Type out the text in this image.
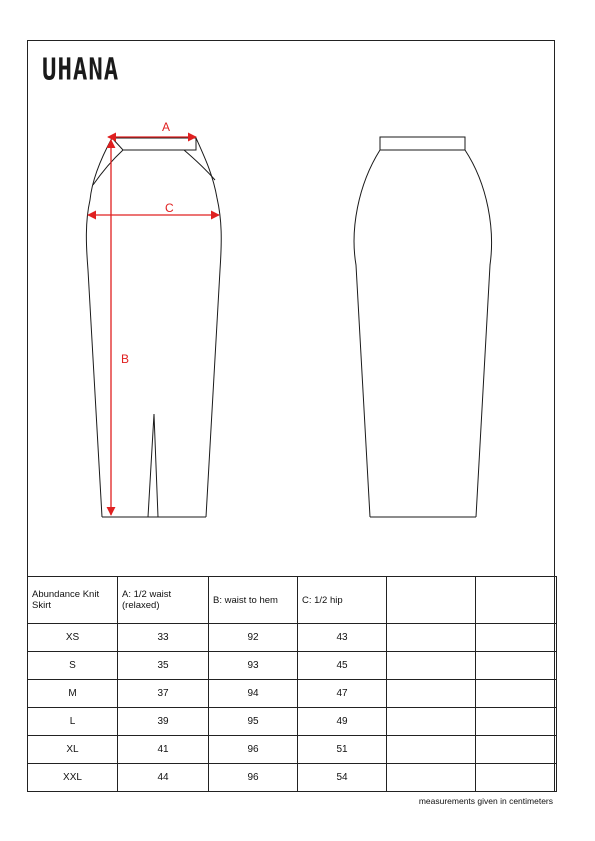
UHANA
A
B
C
Abundance Knit Skirt	A: 1/2 waist (relaxed)	B: waist to hem	C: 1/2 hip		
XS	33	92	43		
S	35	93	45		
M	37	94	47		
L	39	95	49		
XL	41	96	51		
XXL	44	96	54		
measurements given in centimeters
